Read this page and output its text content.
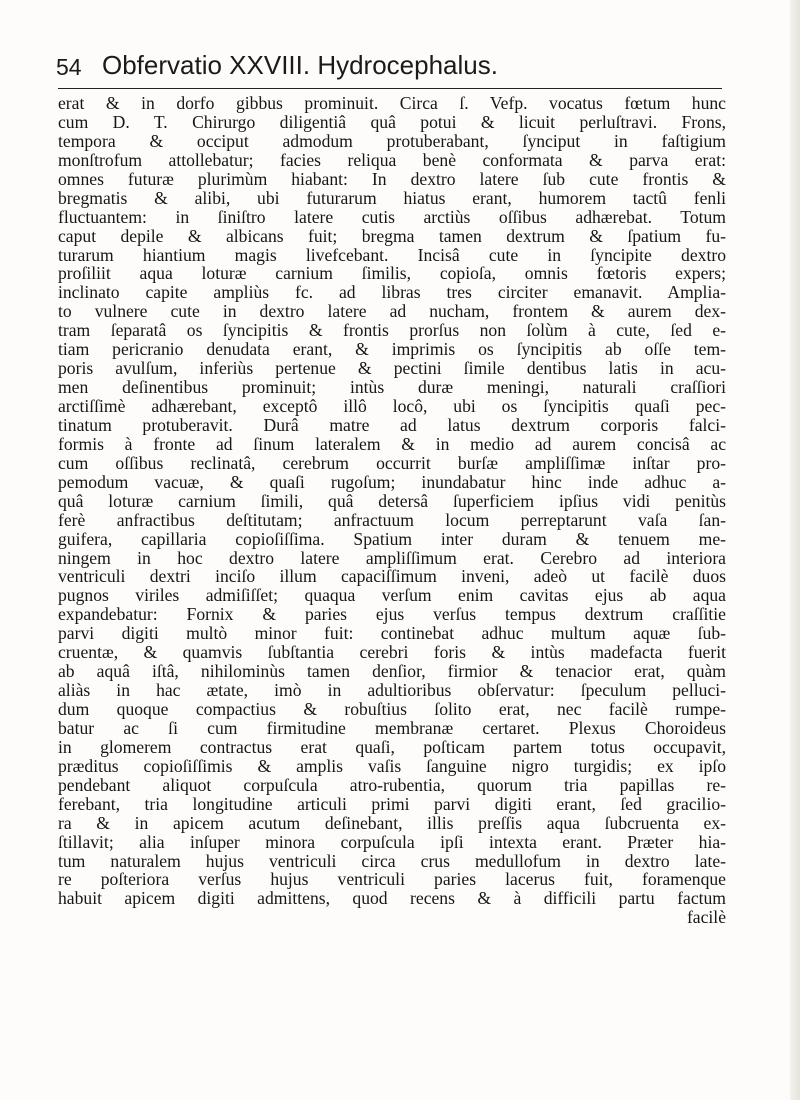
54 Obfervatio XXVIII. Hydrocephalus.
erat & in dorfo gibbus prominuit. Circa ſ. Vefp. vocatus fœtum hunc
cum D. T. Chirurgo diligentiâ quâ potui & licuit perluſtravi. Frons,
tempora & occiput admodum protuberabant, ſynciput in faſtigium
monſtrofum attollebatur; facies reliqua benè conformata & parva erat:
omnes futuræ plurimùm hiabant: In dextro latere ſub cute frontis &
bregmatis & alibi, ubi futurarum hiatus erant, humorem tactû fenli
fluctuantem: in ſiniſtro latere cutis arctiùs oſſibus adhærebat. Totum
caput depile & albicans fuit; bregma tamen dextrum & ſpatium fu-
turarum hiantium magis livefcebant. Incisâ cute in ſyncipite dextro
proſiliit aqua loturæ carnium ſimilis, copioſa, omnis fœtoris expers;
inclinato capite ampliùs fc. ad libras tres circiter emanavit. Amplia-
to vulnere cute in dextro latere ad nucham, frontem & aurem dex-
tram ſeparatâ os ſyncipitis & frontis prorſus non ſolùm à cute, ſed e-
tiam pericranio denudata erant, & imprimis os ſyncipitis ab oſſe tem-
poris avulſum, inferiùs pertenue & pectini ſimile dentibus latis in acu-
men deſinentibus prominuit; intùs duræ meningi, naturali craſſiori
arctiſſimè adhærebant, exceptô illô locô, ubi os ſyncipitis quaſi pec-
tinatum protuberavit. Durâ matre ad latus dextrum corporis falci-
formis à fronte ad ſinum lateralem & in medio ad aurem concisâ ac
cum oſſibus reclinatâ, cerebrum occurrit burſæ ampliſſimæ inſtar pro-
pemodum vacuæ, & quaſi rugoſum; inundabatur hinc inde adhuc a-
quâ loturæ carnium ſimili, quâ detersâ ſuperficiem ipſius vidi penitùs
ferè anfractibus deſtitutam; anfractuum locum perreptarunt vaſa ſan-
guifera, capillaria copioſiſſima. Spatium inter duram & tenuem me-
ningem in hoc dextro latere ampliſſimum erat. Cerebro ad interiora
ventriculi dextri inciſo illum capaciſſimum inveni, adeò ut facilè duos
pugnos viriles admiſiſſet; quaqua verſum enim cavitas ejus ab aqua
expandebatur: Fornix & paries ejus verſus tempus dextrum craſſitie
parvi digiti multò minor fuit: continebat adhuc multum aquæ ſub-
cruentæ, & quamvis ſubſtantia cerebri foris & intùs madefacta fuerit
ab aquâ iſtâ, nihilominùs tamen denſior, firmior & tenacior erat, quàm
aliàs in hac ætate, imò in adultioribus obſervatur: ſpeculum pelluci-
dum quoque compactius & robuſtius ſolito erat, nec facilè rumpe-
batur ac ſi cum firmitudine membranæ certaret. Plexus Choroideus
in glomerem contractus erat quaſi, poſticam partem totus occupavit,
præditus copioſiſſimis & amplis vaſis ſanguine nigro turgidis; ex ipſo
pendebant aliquot corpuſcula atro-rubentia, quorum tria papillas re-
ferebant, tria longitudine articuli primi parvi digiti erant, ſed gracilio-
ra & in apicem acutum deſinebant, illis preſſis aqua ſubcruenta ex-
ſtillavit; alia inſuper minora corpuſcula ipſi intexta erant. Præter hia-
tum naturalem hujus ventriculi circa crus medullofum in dextro late-
re poſteriora verſus hujus ventriculi paries lacerus fuit, foramenque
habuit apicem digiti admittens, quod recens & à difficili partu factum
facilè
